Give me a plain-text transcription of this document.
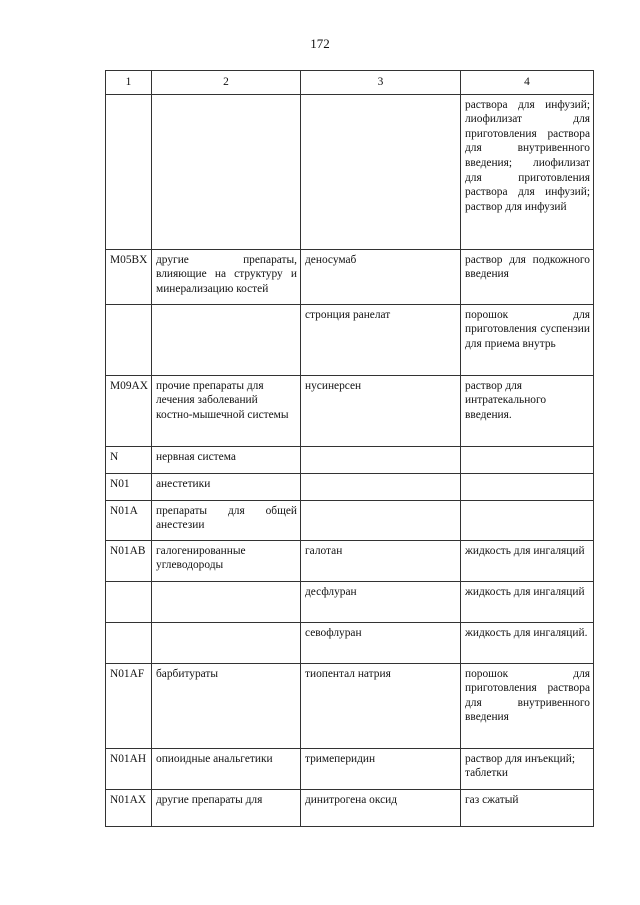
172
1	2	3	4
			раствора для инфузий; лиофилизат для приготовления раствора для внутривенного введения; лиофилизат для приготовления раствора для инфузий; раствор для инфузий
M05BX	другие препараты, влияющие на структуру и минерализацию костей	деносумаб	раствор для подкожного введения
		стронция ранелат	порошок для приготовления суспензии для приема внутрь
M09AX	прочие препараты для лечения заболеваний костно-мышечной системы	нусинерсен	раствор для интратекального введения.
N	нервная система		
N01	анестетики		
N01A	препараты для общей анестезии		
N01AB	галогенированные углеводороды	галотан	жидкость для ингаляций
		десфлуран	жидкость для ингаляций
		севофлуран	жидкость для ингаляций.
N01AF	барбитураты	тиопентал натрия	порошок для приготовления раствора для внутривенного введения
N01AH	опиоидные анальгетики	тримеперидин	раствор для инъекций; таблетки
N01AX	другие препараты для	динитрогена оксид	газ сжатый
